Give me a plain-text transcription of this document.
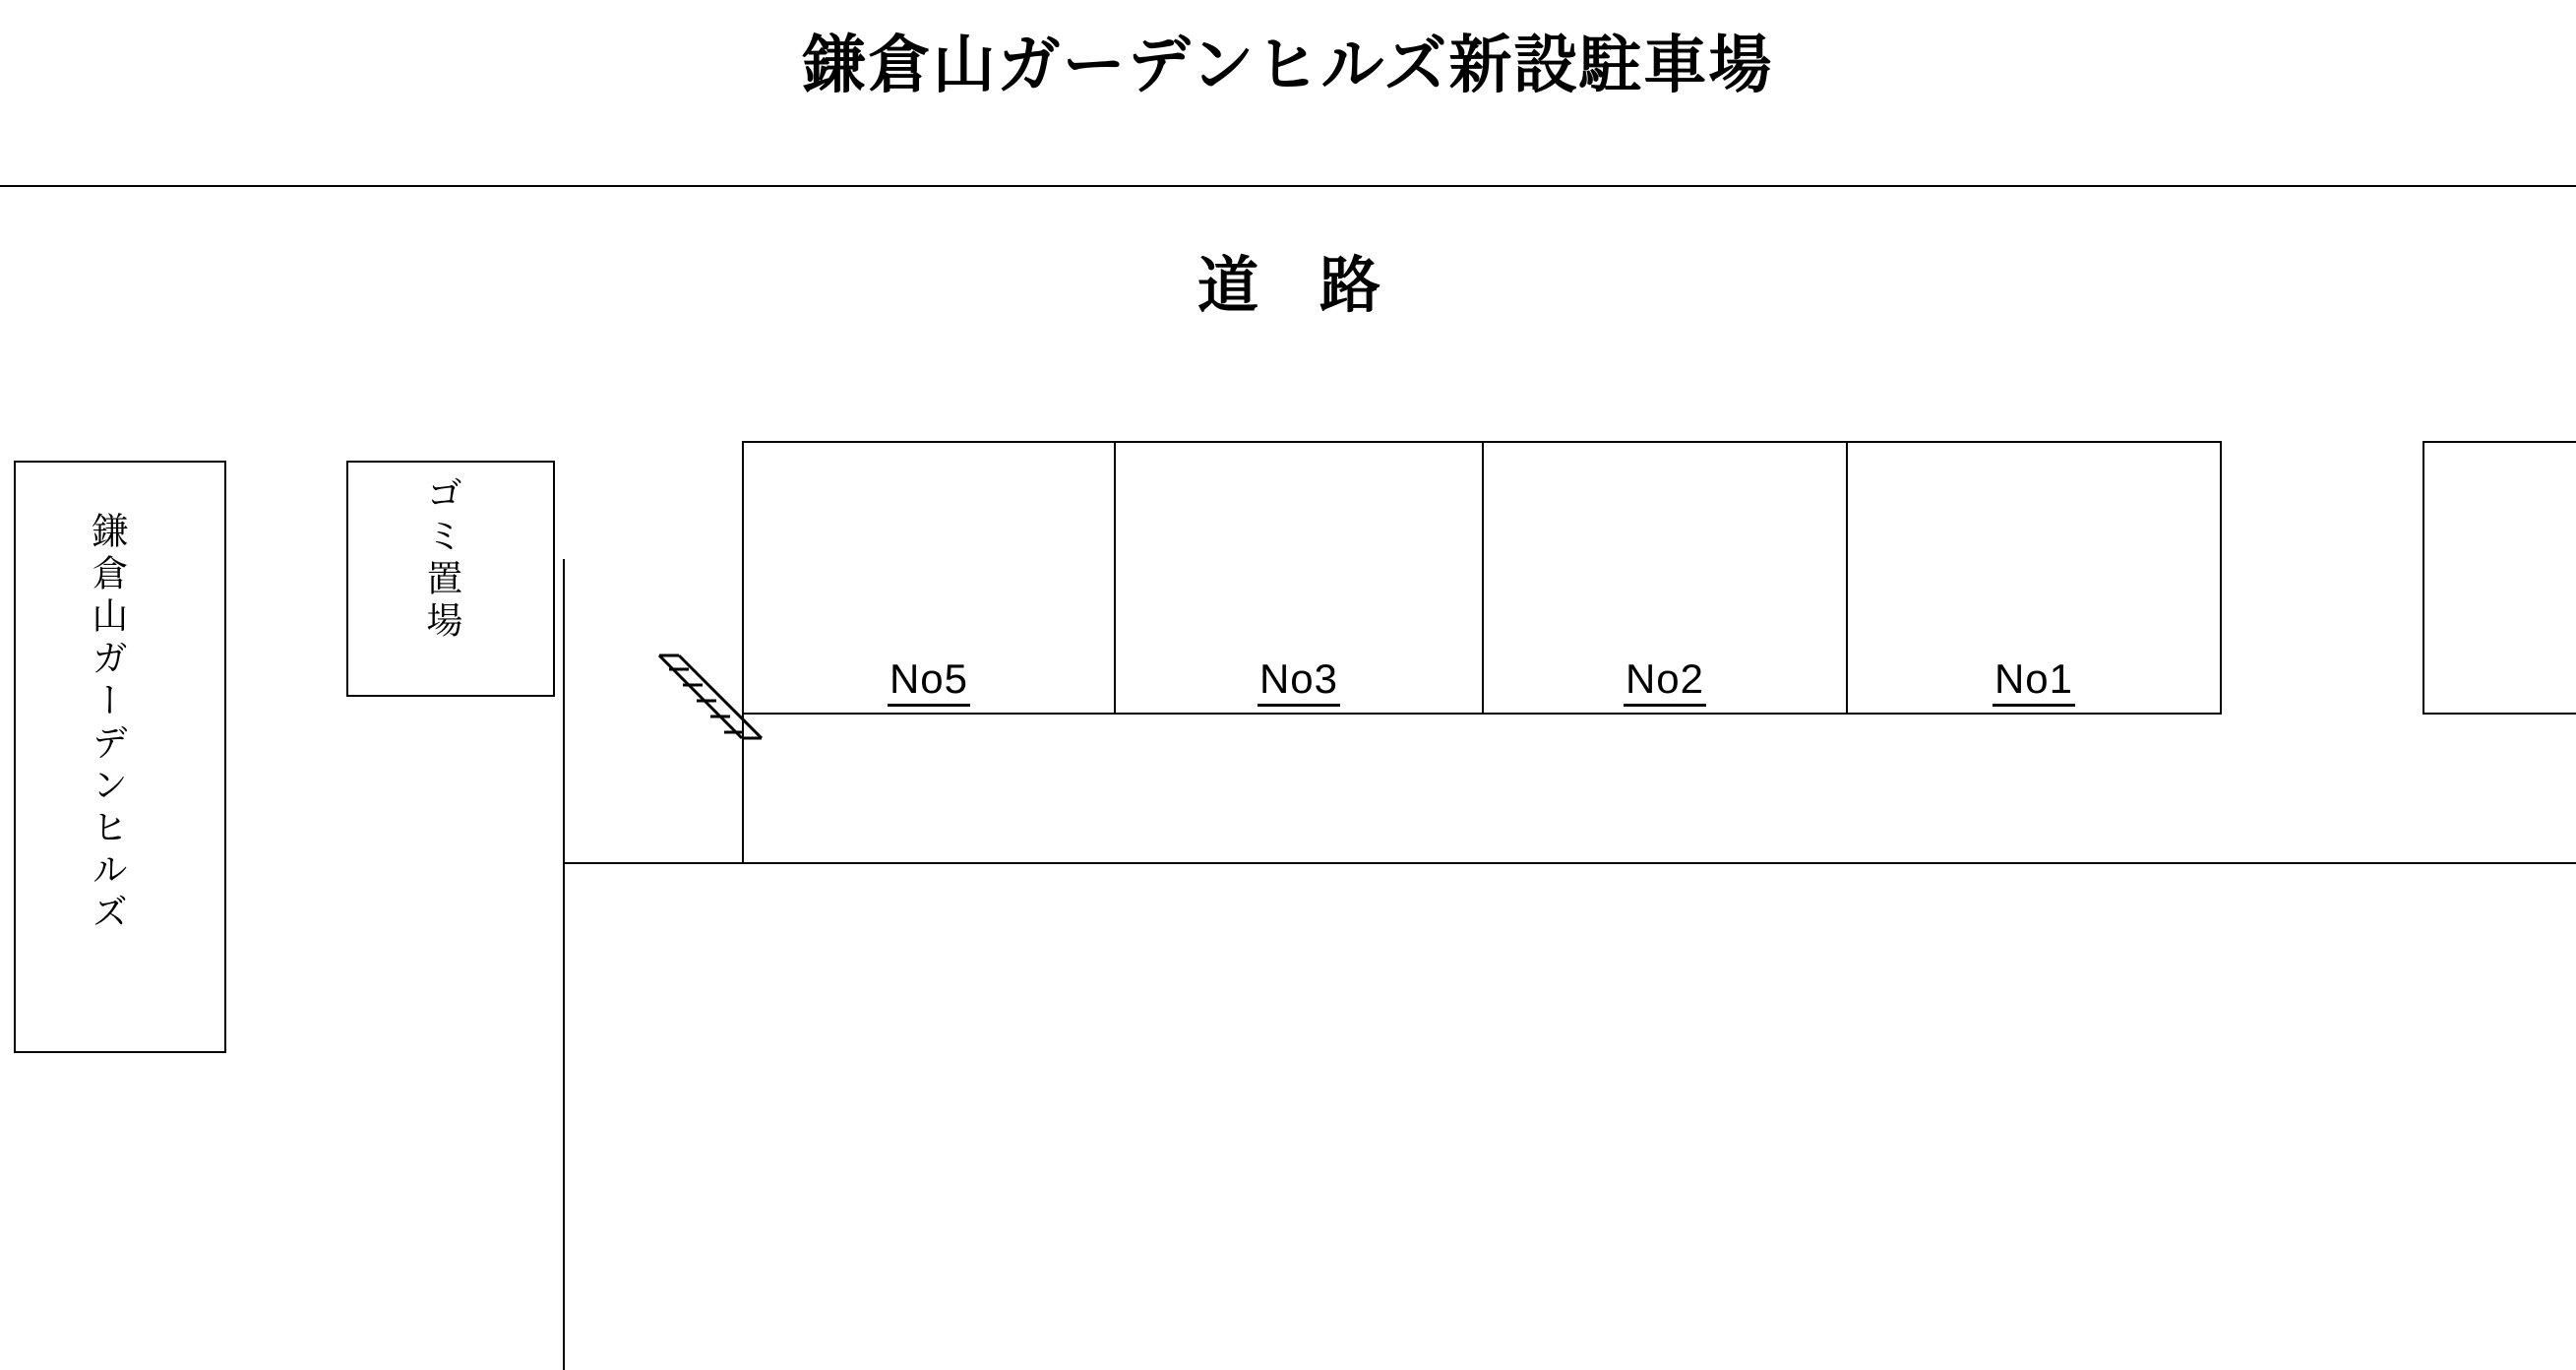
鎌倉山ガーデンヒルズ新設駐車場
道　路
鎌倉山ガーデンヒルズ	ゴミ置場
No5	No3	No2	No1
